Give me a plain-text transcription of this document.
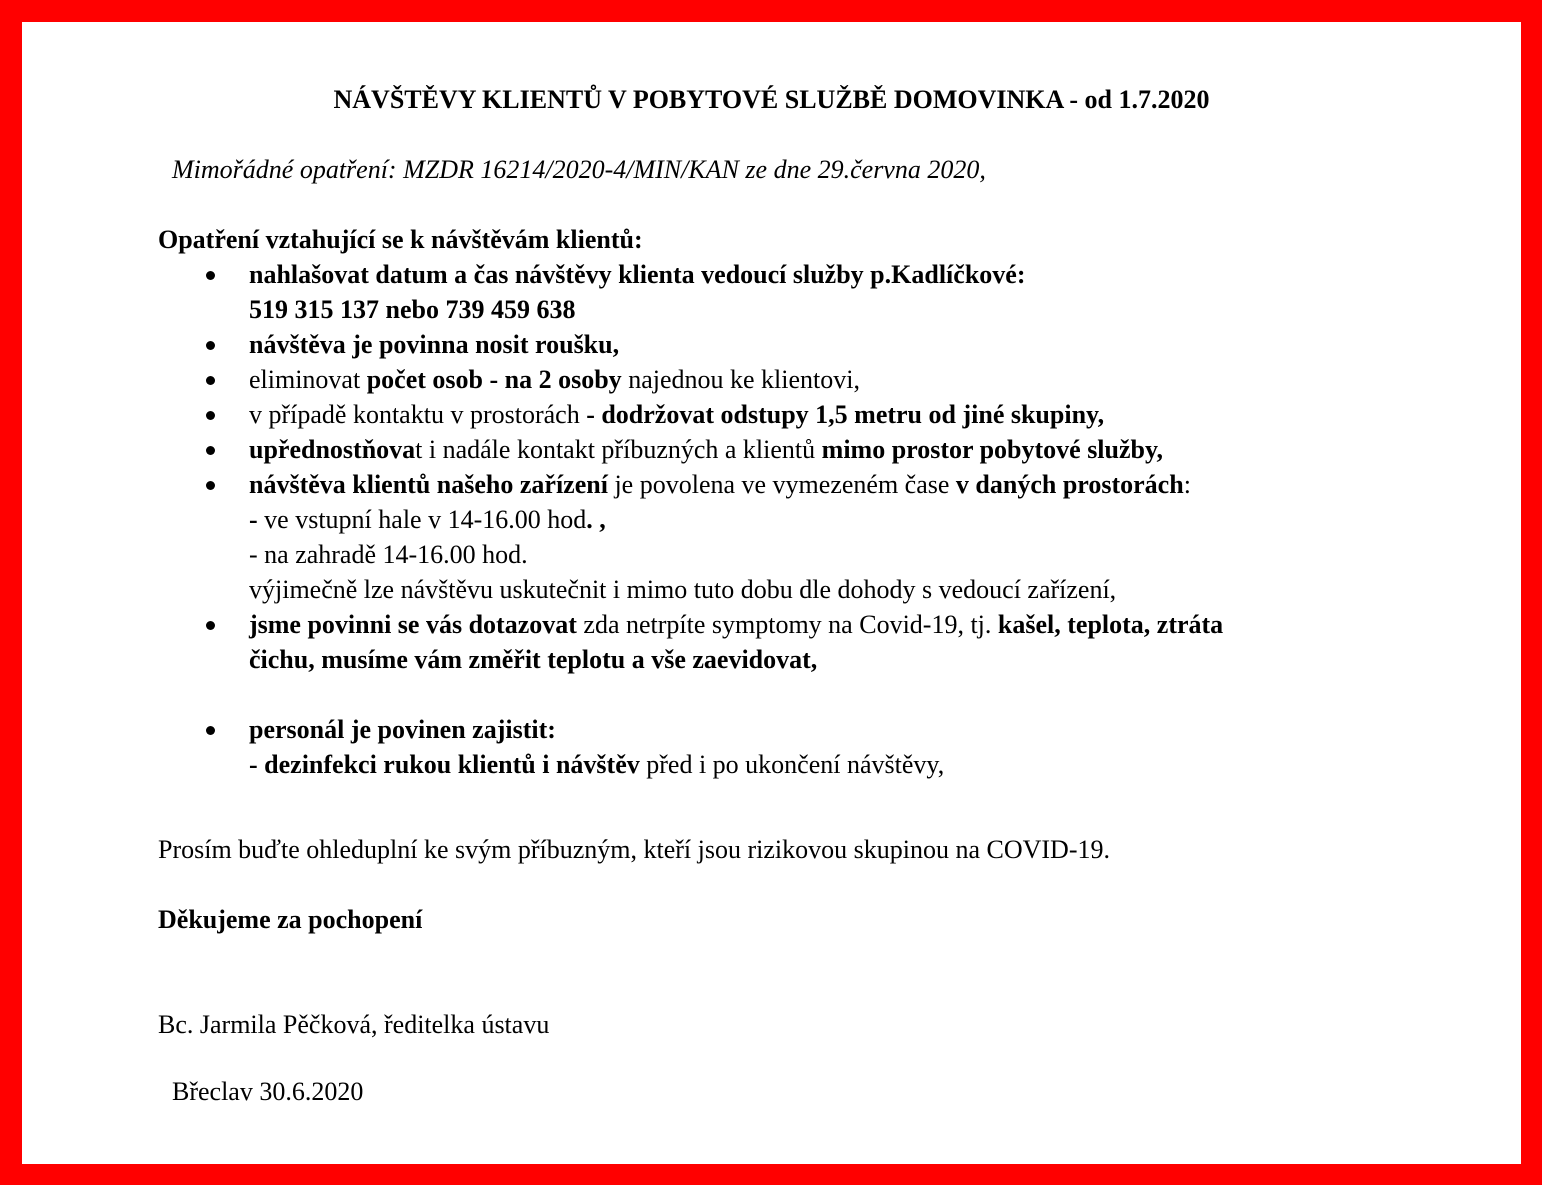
NÁVŠTĚVY KLIENTŮ V POBYTOVÉ SLUŽBĚ DOMOVINKA - od 1.7.2020

Mimořádné opatření: MZDR 16214/2020-4/MIN/KAN ze dne 29.června 2020,

Opatření vztahující se k návštěvám klientů:

nahlašovat datum a čas návštěvy klienta vedoucí služby p.Kadlíčkové:
519 315 137 nebo 739 459 638
návštěva je povinna nosit roušku,
eliminovat počet osob - na 2 osoby najednou ke klientovi,
v případě kontaktu v prostorách - dodržovat odstupy 1,5 metru od jiné skupiny,
upřednostňovat i nadále kontakt příbuzných a klientů mimo prostor pobytové služby,
návštěva klientů našeho zařízení je povolena ve vymezeném čase v daných prostorách:
- ve vstupní hale v 14-16.00 hod. ,
- na zahradě 14-16.00 hod.
výjimečně lze návštěvu uskutečnit i mimo tuto dobu dle dohody s vedoucí zařízení,
jsme povinni se vás dotazovat zda netrpíte symptomy na Covid-19, tj. kašel, teplota, ztráta
čichu, musíme vám změřit teplotu a vše zaevidovat,
personál je povinen zajistit:
- dezinfekci rukou klientů i návštěv před i po ukončení návštěvy,

Prosím buďte ohleduplní ke svým příbuzným, kteří jsou rizikovou skupinou na COVID-19.

Děkujeme za pochopení

Bc. Jarmila Pěčková, ředitelka ústavu

Břeclav 30.6.2020
